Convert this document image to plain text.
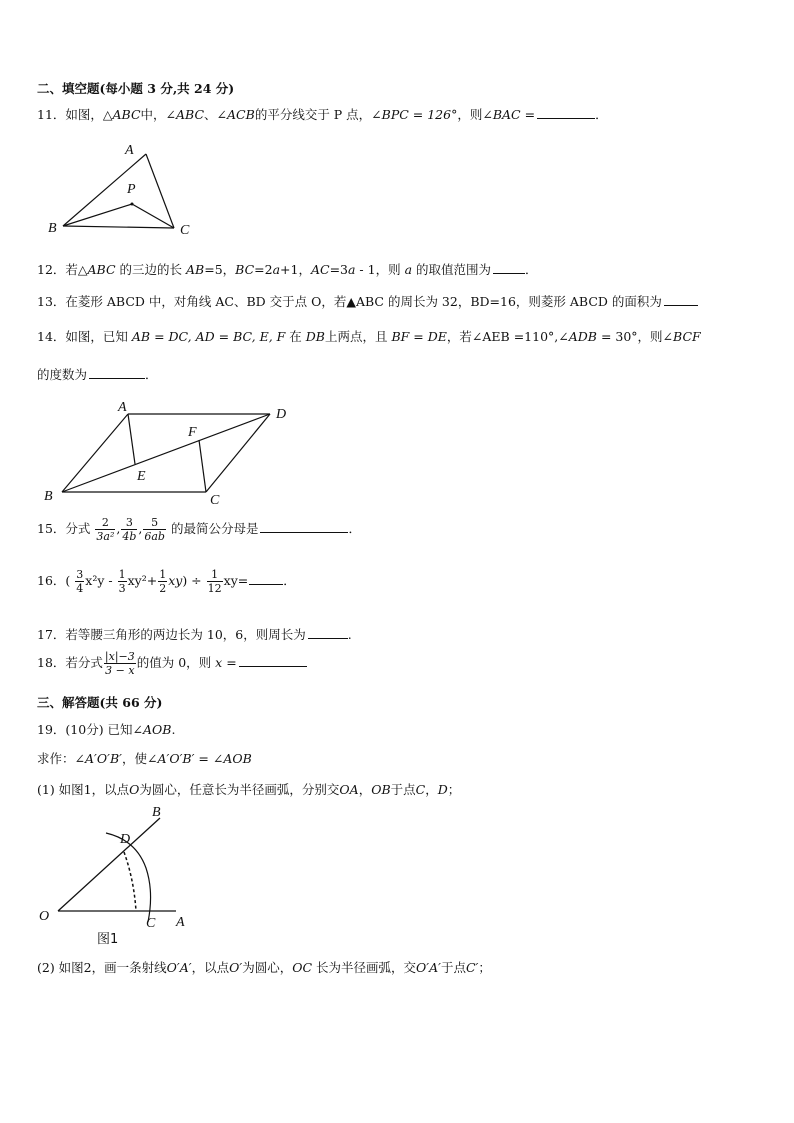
二、填空题(每小题 3 分,共 24 分)
11．如图，△ABC中，∠ABC、∠ACB的平分线交于 P 点，∠BPC = 126°，则∠BAC =	．
A
B	C
P
12．若△ABC 的三边的长 AB=5，BC=2a+1，AC=3a - 1，则 a 的取值范围为	．
13．在菱形 ABCD 中，对角线 AC、BD 交于点 O，若▲ABC 的周长为 32，BD=16，则菱形 ABCD 的面积为
14．如图，已知 AB = DC, AD = BC, E, F 在 DB上两点，且 BF = DE，若∠AEB =110°,∠ADB = 30°，则∠BCF
的度数为	．
A
B	C
D
E
F
15．分式 $\frac{2}{\text{3a²}}$ , $\frac{3}{4b}$ , $\frac{5}{6ab}$ 的最简公分母是	．
16．( $\frac{3}{4} x^2y - \frac{1}{3} xy^2+ \frac{1}{2} xy) \div \frac{1}{12} xy=$	．
17．若等腰三角形的两边长为 10，6，则周长为	.
18．若分式 $\frac{|x|-3}{3 - x}$ 的值为 0，则 x =
三、解答题(共 66 分)
19．(10分) 已知∠AOB.
求作：∠A′O′B′，使∠A′O′B′ = ∠AOB
(1) 如图1，以点O为圆心，任意长为半径画弧，分别交OA，OB于点C，D；
O	A
B
C
D
图1
(2) 如图2，画一条射线O′A′，以点O′为圆心，OC 长为半径画弧，交O′A′于点C′；
